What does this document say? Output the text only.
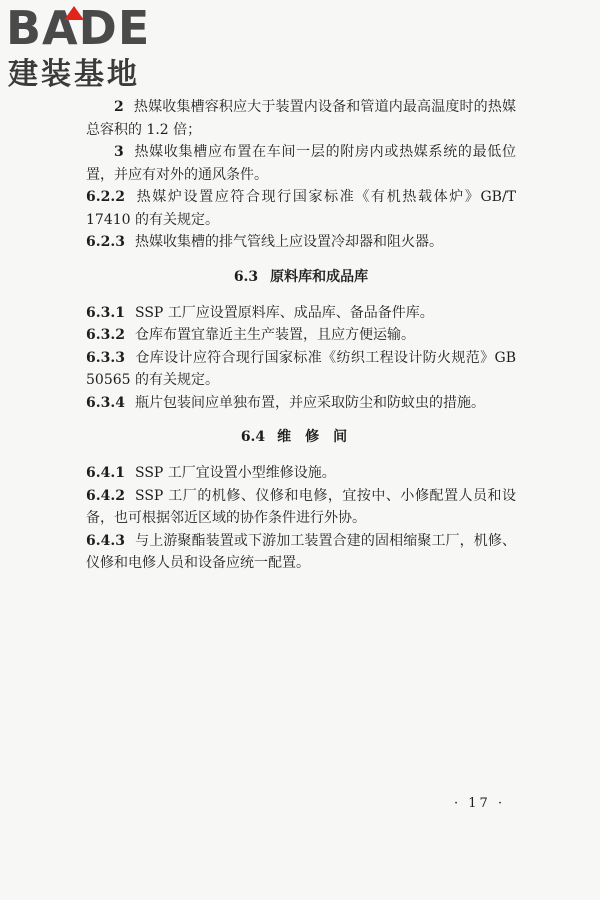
BADE
建装基地

2 热媒收集槽容积应大于装置内设备和管道内最高温度时的热媒总容积的 1.2 倍；

3 热媒收集槽应布置在车间一层的附房内或热媒系统的最低位置，并应有对外的通风条件。

6.2.2 热媒炉设置应符合现行国家标准《有机热载体炉》GB/T 17410 的有关规定。

6.2.3 热媒收集槽的排气管线上应设置冷却器和阻火器。

6.3 原料库和成品库

6.3.1 SSP 工厂应设置原料库、成品库、备品备件库。

6.3.2 仓库布置宜靠近主生产装置，且应方便运输。

6.3.3 仓库设计应符合现行国家标准《纺织工程设计防火规范》GB 50565 的有关规定。

6.3.4 瓶片包装间应单独布置，并应采取防尘和防蚊虫的措施。

6.4 维修间

6.4.1 SSP 工厂宜设置小型维修设施。

6.4.2 SSP 工厂的机修、仪修和电修，宜按中、小修配置人员和设备，也可根据邻近区域的协作条件进行外协。

6.4.3 与上游聚酯装置或下游加工装置合建的固相缩聚工厂，机修、仪修和电修人员和设备应统一配置。

· 17 ·
